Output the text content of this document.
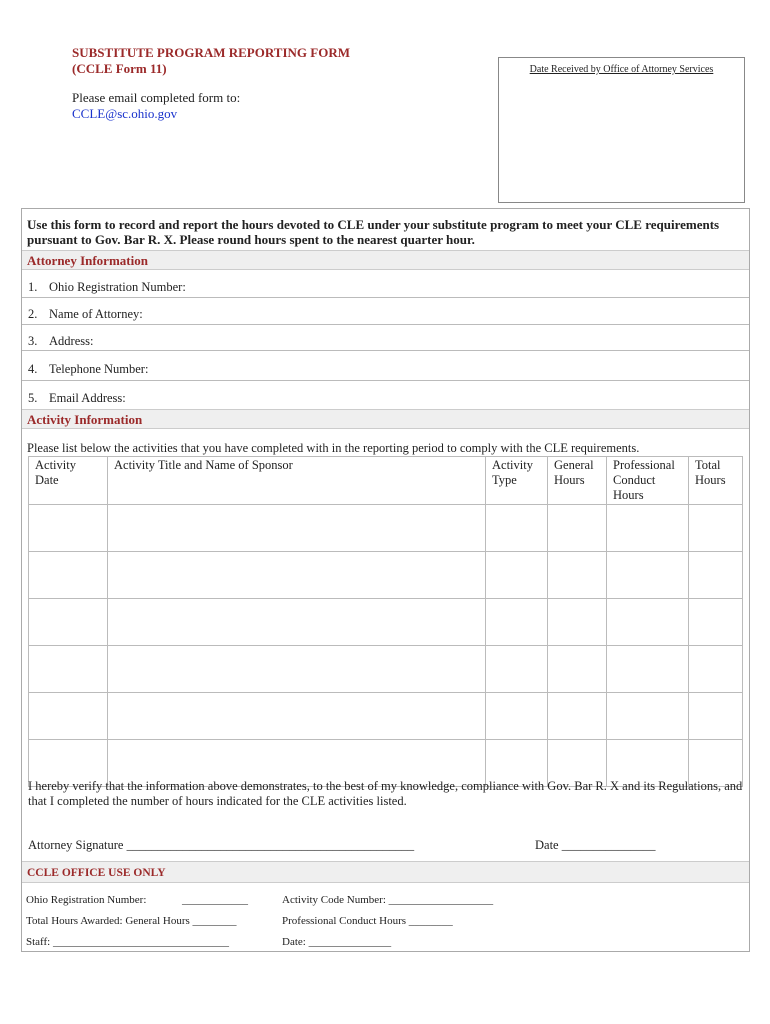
SUBSTITUTE PROGRAM REPORTING FORM
(CCLE Form 11)
Please email completed form to:
CCLE@sc.ohio.gov
Date Received by Office of Attorney Services
Use this form to record and report the hours devoted to CLE under your substitute program to meet your CLE requirements pursuant to Gov. Bar R. X. Please round hours spent to the nearest quarter hour.
Attorney Information
1. Ohio Registration Number:
2. Name of Attorney:
3. Address:
4. Telephone Number:
5. Email Address:
Activity Information
Please list below the activities that you have completed with in the reporting period to comply with the CLE requirements.
Activity Date	Activity Title and Name of Sponsor	Activity Type	General Hours	Professional Conduct Hours	Total Hours

I hereby verify that the information above demonstrates, to the best of my knowledge, compliance with Gov. Bar R. X and its Regulations, and that I completed the number of hours indicated for the CLE activities listed.
Attorney Signature ______________________________________________	Date _______________
CCLE OFFICE USE ONLY
Ohio Registration Number:	____________	Activity Code Number: ___________________
Total Hours Awarded: General Hours ________	Professional Conduct Hours ________
Staff: ________________________________	Date: _______________
